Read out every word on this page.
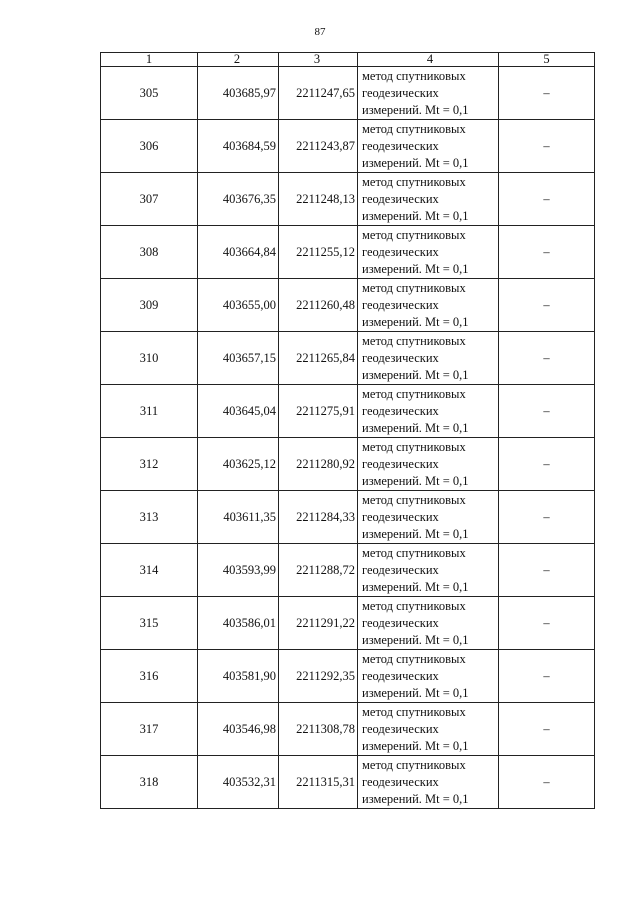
87
1	2	3	4	5
305	403685,97	2211247,65	метод спутниковых
геодезических
измерений. Mt = 0,1	–
306	403684,59	2211243,87	метод спутниковых
геодезических
измерений. Mt = 0,1	–
307	403676,35	2211248,13	метод спутниковых
геодезических
измерений. Mt = 0,1	–
308	403664,84	2211255,12	метод спутниковых
геодезических
измерений. Mt = 0,1	–
309	403655,00	2211260,48	метод спутниковых
геодезических
измерений. Mt = 0,1	–
310	403657,15	2211265,84	метод спутниковых
геодезических
измерений. Mt = 0,1	–
311	403645,04	2211275,91	метод спутниковых
геодезических
измерений. Mt = 0,1	–
312	403625,12	2211280,92	метод спутниковых
геодезических
измерений. Mt = 0,1	–
313	403611,35	2211284,33	метод спутниковых
геодезических
измерений. Mt = 0,1	–
314	403593,99	2211288,72	метод спутниковых
геодезических
измерений. Mt = 0,1	–
315	403586,01	2211291,22	метод спутниковых
геодезических
измерений. Mt = 0,1	–
316	403581,90	2211292,35	метод спутниковых
геодезических
измерений. Mt = 0,1	–
317	403546,98	2211308,78	метод спутниковых
геодезических
измерений. Mt = 0,1	–
318	403532,31	2211315,31	метод спутниковых
геодезических
измерений. Mt = 0,1	–
